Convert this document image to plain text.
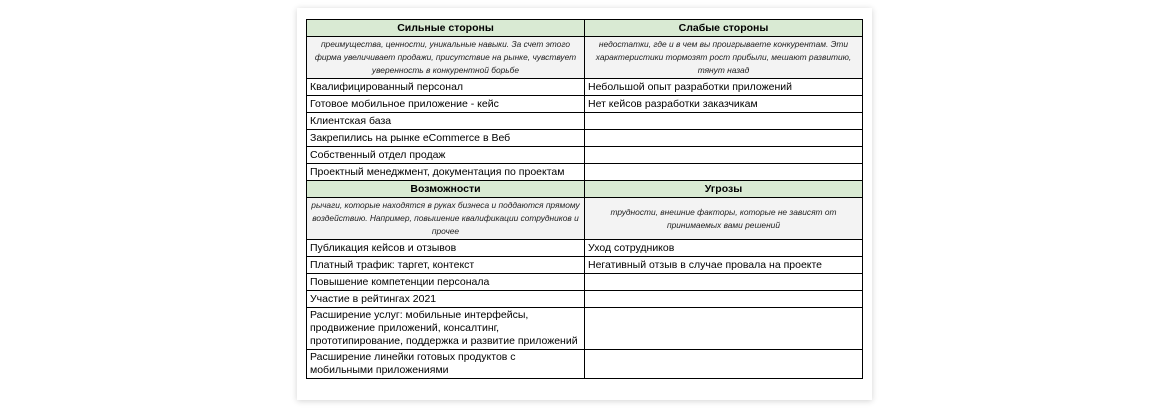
Сильные стороны	Слабые стороны
преимущества, ценности, уникальные навыки. За счет этого фирма увеличивает продажи, присутствие на рынке, чувствует уверенность в конкурентной борьбе	недостатки, где и в чем вы проигрываете конкурентам. Эти характеристики тормозят рост прибыли, мешают развитию, тянут назад
Квалифицированный персонал	Небольшой опыт разработки приложений
Готовое мобильное приложение - кейс	Нет кейсов разработки заказчикам
Клиентская база	
Закрепились на рынке eCommerce в Веб	
Собственный отдел продаж	
Проектный менеджмент, документация по проектам	
Возможности	Угрозы
рычаги, которые находятся в руках бизнеса и поддаются прямому воздействию. Например, повышение квалификации сотрудников и прочее	трудности, внешние факторы, которые не зависят от принимаемых вами решений
Публикация кейсов и отзывов	Уход сотрудников
Платный трафик: таргет, контекст	Негативный отзыв в случае провала на проекте
Повышение компетенции персонала	
Участие в рейтингах 2021	
Расширение услуг: мобильные интерфейсы, продвижение приложений, консалтинг, прототипирование, поддержка и развитие приложений	
Расширение линейки готовых продуктов с мобильными приложениями	
